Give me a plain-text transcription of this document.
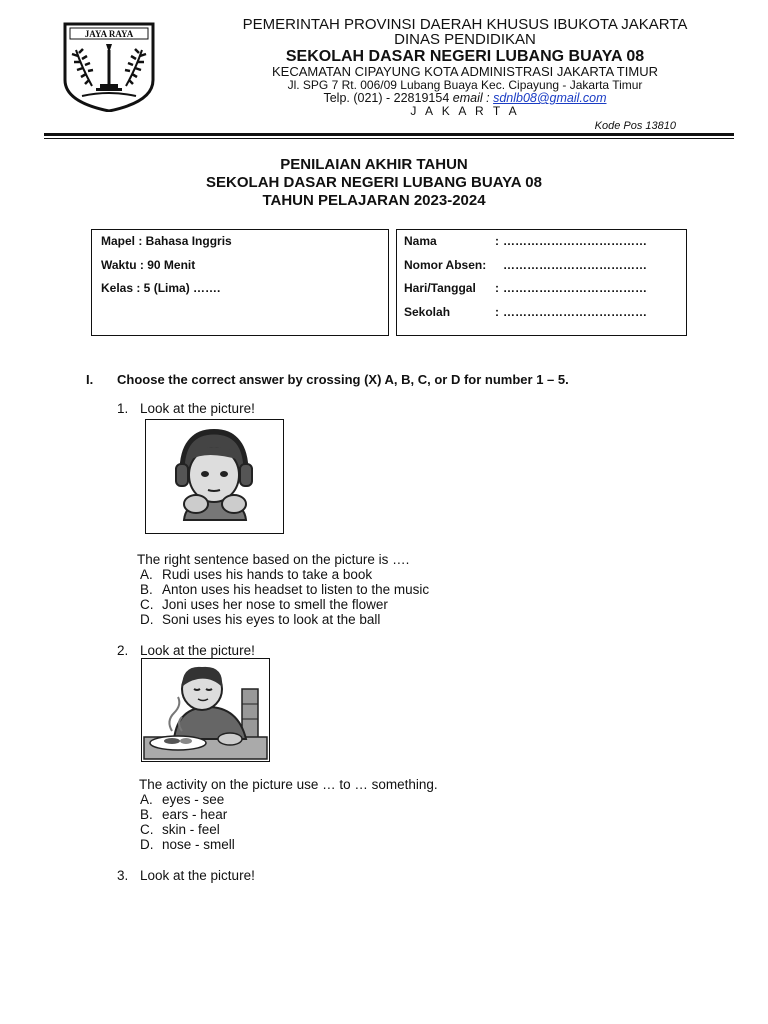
JAYA RAYA
PEMERINTAH PROVINSI DAERAH KHUSUS IBUKOTA JAKARTA
DINAS PENDIDIKAN
SEKOLAH DASAR NEGERI LUBANG BUAYA 08
KECAMATAN CIPAYUNG KOTA ADMINISTRASI JAKARTA TIMUR
Jl. SPG 7 Rt. 006/09 Lubang Buaya Kec. Cipayung - Jakarta Timur
Telp. (021) - 22819154 email : sdnlb08@gmail.com
J A K A R T A
Kode Pos 13810
PENILAIAN AKHIR TAHUN
SEKOLAH DASAR NEGERI LUBANG BUAYA 08
TAHUN PELAJARAN 2023-2024
Mapel : Bahasa Inggris
Waktu : 90 Menit
Kelas : 5 (Lima) …….
Nama	: ………………………………
Nomor Absen: ………………………………
Hari/Tanggal : ………………………………
Sekolah	: ………………………………
I. Choose the correct answer by crossing (X) A, B, C, or D for number 1 – 5.
1. Look at the picture!
The right sentence based on the picture is ….
A. Rudi uses his hands to take a book
B. Anton uses his headset to listen to the music
C. Joni uses her nose to smell the flower
D. Soni uses his eyes to look at the ball
2. Look at the picture!
The activity on the picture use … to … something.
A. eyes - see
B. ears - hear
C. skin - feel
D. nose - smell
3. Look at the picture!
